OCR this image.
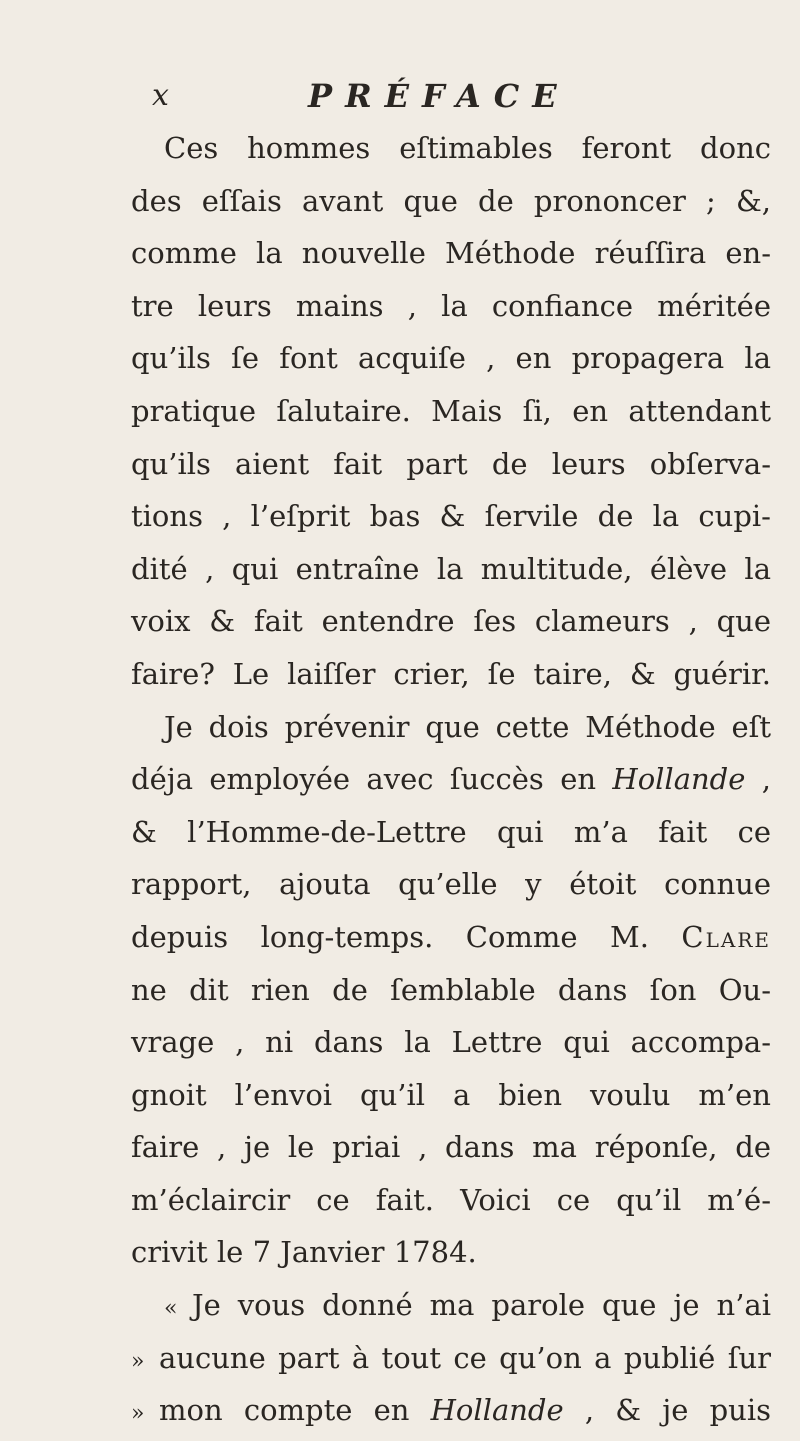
x	PRÉFACE
Ces hommes eſtimables feront donc
des eſſais avant que de prononcer ; &,
comme la nouvelle Méthode réuſſira en-
tre leurs mains , la confiance méritée
qu’ils ſe font acquiſe , en propagera la
pratique ſalutaire. Mais ſi, en attendant
qu’ils aient fait part de leurs obſerva-
tions , l’eſprit bas & ſervile de la cupi-
dité , qui entraîne la multitude, élève la
voix & fait entendre ſes clameurs , que
faire? Le laiſſer crier, ſe taire, & guérir.
Je dois prévenir que cette Méthode eſt
déja employée avec ſuccès en Hollande ,
& l’Homme-de-Lettre qui m’a fait ce
rapport, ajouta qu’elle y étoit connue
depuis long-temps. Comme M. Clare
ne dit rien de ſemblable dans ſon Ou-
vrage , ni dans la Lettre qui accompa-
gnoit l’envoi qu’il a bien voulu m’en
faire , je le priai , dans ma réponſe, de
m’éclaircir ce fait. Voici ce qu’il m’é-
crivit le 7 Janvier 1784.
« Je vous donné ma parole que je n’ai
» aucune part à tout ce qu’on a publié ſur
» mon compte en Hollande , & je puis
